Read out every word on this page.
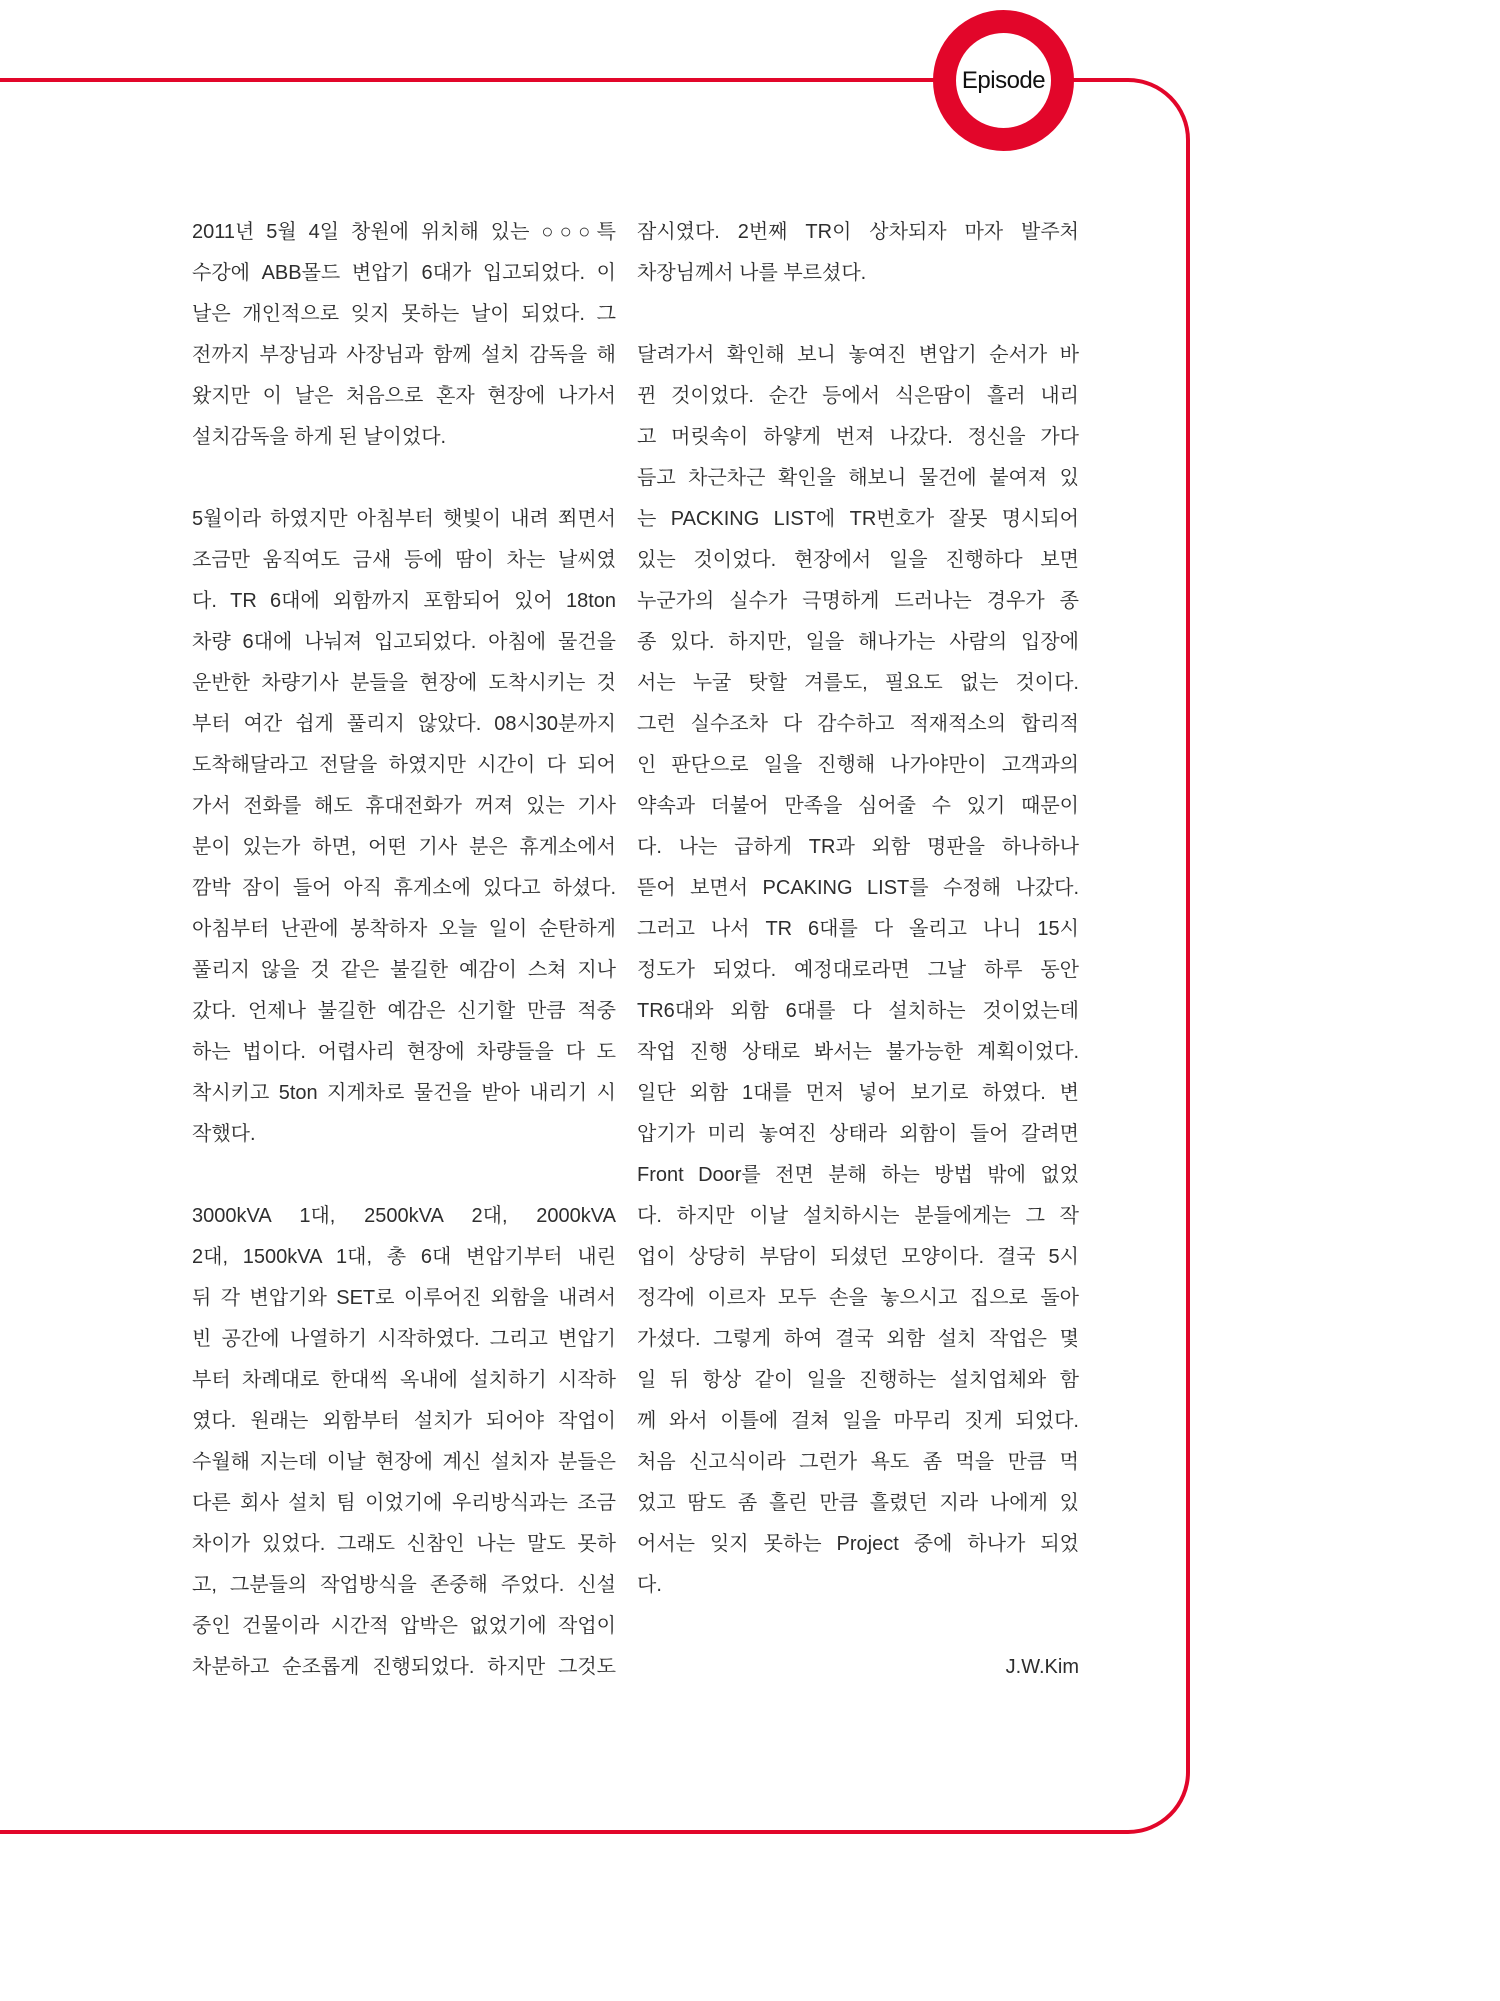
Episode
2011년 5월 4일 창원에 위치해 있는 ○○○특
수강에 ABB몰드 변압기 6대가 입고되었다. 이
날은 개인적으로 잊지 못하는 날이 되었다. 그
전까지 부장님과 사장님과 함께 설치 감독을 해
왔지만 이 날은 처음으로 혼자 현장에 나가서
설치감독을 하게 된 날이었다.
5월이라 하였지만 아침부터 햇빛이 내려 쬐면서
조금만 움직여도 금새 등에 땀이 차는 날씨였
다. TR 6대에 외함까지 포함되어 있어 18ton
차량 6대에 나눠져 입고되었다. 아침에 물건을
운반한 차량기사 분들을 현장에 도착시키는 것
부터 여간 쉽게 풀리지 않았다. 08시30분까지
도착해달라고 전달을 하였지만 시간이 다 되어
가서 전화를 해도 휴대전화가 꺼져 있는 기사
분이 있는가 하면, 어떤 기사 분은 휴게소에서
깜박 잠이 들어 아직 휴게소에 있다고 하셨다.
아침부터 난관에 봉착하자 오늘 일이 순탄하게
풀리지 않을 것 같은 불길한 예감이 스쳐 지나
갔다. 언제나 불길한 예감은 신기할 만큼 적중
하는 법이다. 어렵사리 현장에 차량들을 다 도
착시키고 5ton 지게차로 물건을 받아 내리기 시
작했다.
3000kVA 1대, 2500kVA 2대, 2000kVA
2대, 1500kVA 1대, 총 6대 변압기부터 내린
뒤 각 변압기와 SET로 이루어진 외함을 내려서
빈 공간에 나열하기 시작하였다. 그리고 변압기
부터 차례대로 한대씩 옥내에 설치하기 시작하
였다. 원래는 외함부터 설치가 되어야 작업이
수월해 지는데 이날 현장에 계신 설치자 분들은
다른 회사 설치 팀 이었기에 우리방식과는 조금
차이가 있었다. 그래도 신참인 나는 말도 못하
고, 그분들의 작업방식을 존중해 주었다. 신설
중인 건물이라 시간적 압박은 없었기에 작업이
차분하고 순조롭게 진행되었다. 하지만 그것도
잠시였다. 2번째 TR이 상차되자 마자 발주처
차장님께서 나를 부르셨다.
달려가서 확인해 보니 놓여진 변압기 순서가 바
뀐 것이었다. 순간 등에서 식은땀이 흘러 내리
고 머릿속이 하얗게 번져 나갔다. 정신을 가다
듬고 차근차근 확인을 해보니 물건에 붙여져 있
는 PACKING LIST에 TR번호가 잘못 명시되어
있는 것이었다. 현장에서 일을 진행하다 보면
누군가의 실수가 극명하게 드러나는 경우가 종
종 있다. 하지만, 일을 해나가는 사람의 입장에
서는 누굴 탓할 겨를도, 필요도 없는 것이다.
그런 실수조차 다 감수하고 적재적소의 합리적
인 판단으로 일을 진행해 나가야만이 고객과의
약속과 더불어 만족을 심어줄 수 있기 때문이
다. 나는 급하게 TR과 외함 명판을 하나하나
뜯어 보면서 PCAKING LIST를 수정해 나갔다.
그러고 나서 TR 6대를 다 올리고 나니 15시
정도가 되었다. 예정대로라면 그날 하루 동안
TR6대와 외함 6대를 다 설치하는 것이었는데
작업 진행 상태로 봐서는 불가능한 계획이었다.
일단 외함 1대를 먼저 넣어 보기로 하였다. 변
압기가 미리 놓여진 상태라 외함이 들어 갈려면
Front Door를 전면 분해 하는 방법 밖에 없었
다. 하지만 이날 설치하시는 분들에게는 그 작
업이 상당히 부담이 되셨던 모양이다. 결국 5시
정각에 이르자 모두 손을 놓으시고 집으로 돌아
가셨다. 그렇게 하여 결국 외함 설치 작업은 몇
일 뒤 항상 같이 일을 진행하는 설치업체와 함
께 와서 이틀에 걸쳐 일을 마무리 짓게 되었다.
처음 신고식이라 그런가 욕도 좀 먹을 만큼 먹
었고 땀도 좀 흘린 만큼 흘렸던 지라 나에게 있
어서는 잊지 못하는 Project 중에 하나가 되었
다.
J.W.Kim
